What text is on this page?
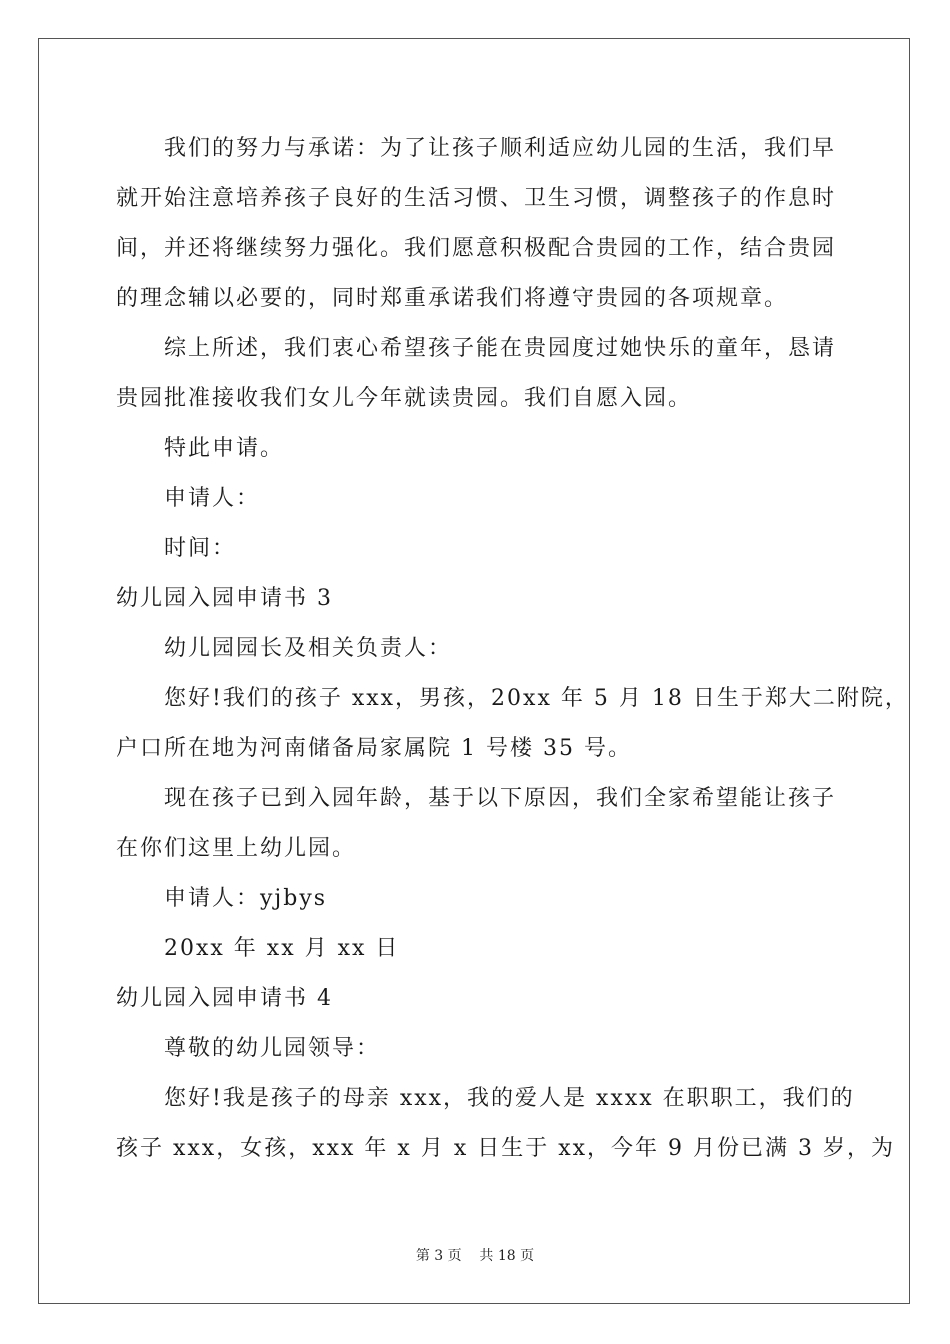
我们的努力与承诺：为了让孩子顺利适应幼儿园的生活，我们早
就开始注意培养孩子良好的生活习惯、卫生习惯，调整孩子的作息时
间，并还将继续努力强化。我们愿意积极配合贵园的工作，结合贵园
的理念辅以必要的，同时郑重承诺我们将遵守贵园的各项规章。
综上所述，我们衷心希望孩子能在贵园度过她快乐的童年，恳请
贵园批准接收我们女儿今年就读贵园。我们自愿入园。
特此申请。
申请人：
时间：
幼儿园入园申请书 3
幼儿园园长及相关负责人：
您好!我们的孩子 xxx，男孩，20xx 年 5 月 18 日生于郑大二附院，
户口所在地为河南储备局家属院 1 号楼 35 号。
现在孩子已到入园年龄，基于以下原因，我们全家希望能让孩子
在你们这里上幼儿园。
申请人：yjbys
20xx 年 xx 月 xx 日
幼儿园入园申请书 4
尊敬的幼儿园领导：
您好!我是孩子的母亲 xxx，我的爱人是 xxxx 在职职工，我们的
孩子 xxx，女孩，xxx 年 x 月 x 日生于 xx，今年 9 月份已满 3 岁，为
第 3 页    共 18 页
